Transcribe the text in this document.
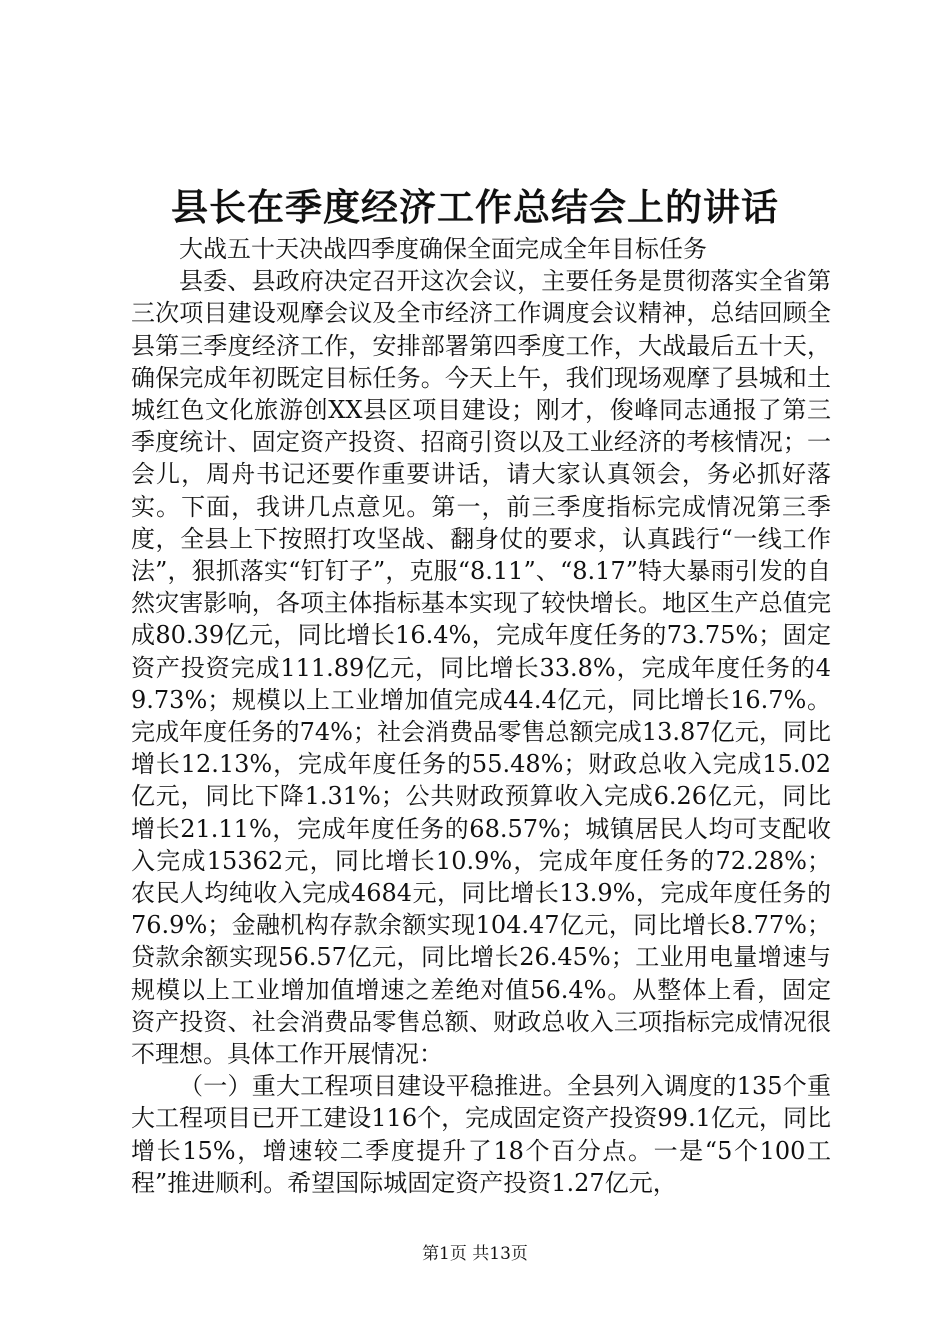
县长在季度经济工作总结会上的讲话

大战五十天决战四季度确保全面完成全年目标任务

县委、县政府决定召开这次会议，主要任务是贯彻落实全省第三次项目建设观摩会议及全市经济工作调度会议精神，总结回顾全县第三季度经济工作，安排部署第四季度工作，大战最后五十天，确保完成年初既定目标任务。今天上午，我们现场观摩了县城和土城红色文化旅游创XX县区项目建设；刚才，俊峰同志通报了第三季度统计、固定资产投资、招商引资以及工业经济的考核情况；一会儿，周舟书记还要作重要讲话，请大家认真领会，务必抓好落实。下面，我讲几点意见。第一，前三季度指标完成情况第三季度，全县上下按照打攻坚战、翻身仗的要求，认真践行“一线工作法”，狠抓落实“钉钉子”，克服“8.11”、“8.17”特大暴雨引发的自然灾害影响，各项主体指标基本实现了较快增长。地区生产总值完成80.39亿元，同比增长16.4%，完成年度任务的73.75%；固定资产投资完成111.89亿元，同比增长33.8%，完成年度任务的49.73%；规模以上工业增加值完成44.4亿元，同比增长16.7%。完成年度任务的74%；社会消费品零售总额完成13.87亿元，同比增长12.13%，完成年度任务的55.48%；财政总收入完成15.02亿元，同比下降1.31%；公共财政预算收入完成6.26亿元，同比增长21.11%，完成年度任务的68.57%；城镇居民人均可支配收入完成15362元，同比增长10.9%，完成年度任务的72.28%；农民人均纯收入完成4684元，同比增长13.9%，完成年度任务的76.9%；金融机构存款余额实现104.47亿元，同比增长8.77%；贷款余额实现56.57亿元，同比增长26.45%；工业用电量增速与规模以上工业增加值增速之差绝对值56.4%。从整体上看，固定资产投资、社会消费品零售总额、财政总收入三项指标完成情况很不理想。具体工作开展情况：

（一）重大工程项目建设平稳推进。全县列入调度的135个重大工程项目已开工建设116个，完成固定资产投资99.1亿元，同比增长15%，增速较二季度提升了18个百分点。一是“5个100工程”推进顺利。希望国际城固定资产投资1.27亿元，

第1页 共13页
